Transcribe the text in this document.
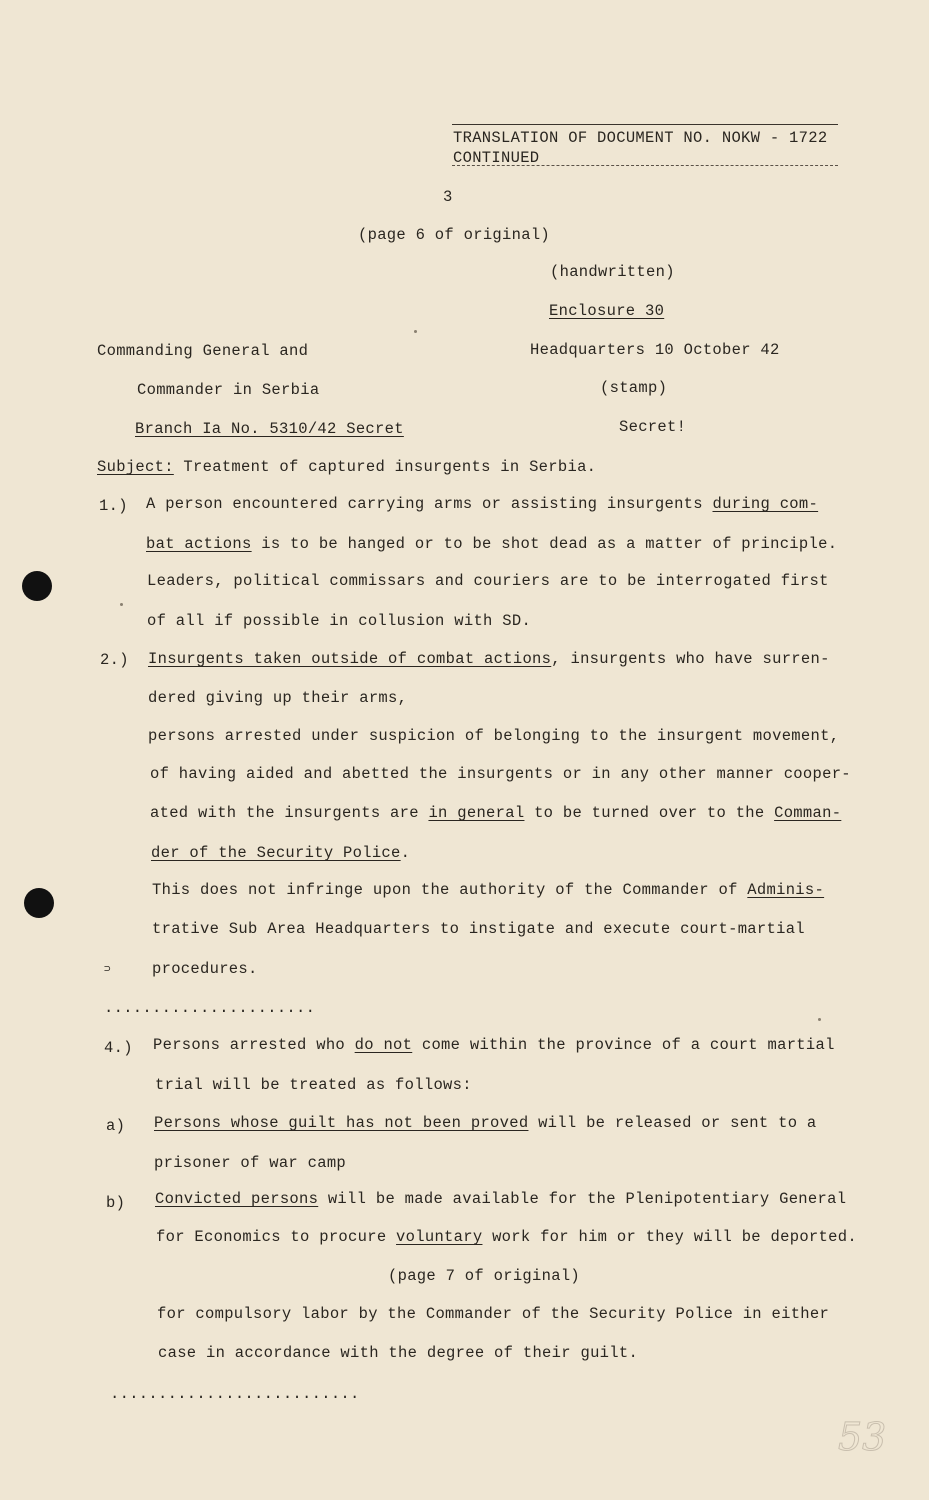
TRANSLATION OF DOCUMENT NO. NOKW - 1722
CONTINUED
3
(page 6 of original)
(handwritten)
Enclosure 30
Commanding General and	Headquarters 10 October 42
Commander in Serbia	(stamp)
Branch Ia No. 5310/42 Secret	Secret!
Subject: Treatment of captured insurgents in Serbia.
1.) A person encountered carrying arms or assisting insurgents during com-
bat actions is to be hanged or to be shot dead as a matter of principle.
Leaders, political commissars and couriers are to be interrogated first
of all if possible in collusion with SD.
2.) Insurgents taken outside of combat actions, insurgents who have surren-
dered giving up their arms,
persons arrested under suspicion of belonging to the insurgent movement,
of having aided and abetted the insurgents or in any other manner cooper-
ated with the insurgents are in general to be turned over to the Comman-
der of the Security Police.
This does not infringe upon the authority of the Commander of Adminis-
trative Sub Area Headquarters to instigate and execute court-martial
⊃	procedures.
......................
4.) Persons arrested who do not come within the province of a court martial
trial will be treated as follows:
a) Persons whose guilt has not been proved will be released or sent to a
prisoner of war camp
b) Convicted persons will be made available for the Plenipotentiary General
for Economics to procure voluntary work for him or they will be deported.
(page 7 of original)
for compulsory labor by the Commander of the Security Police in either
case in accordance with the degree of their guilt.
..........................
53
